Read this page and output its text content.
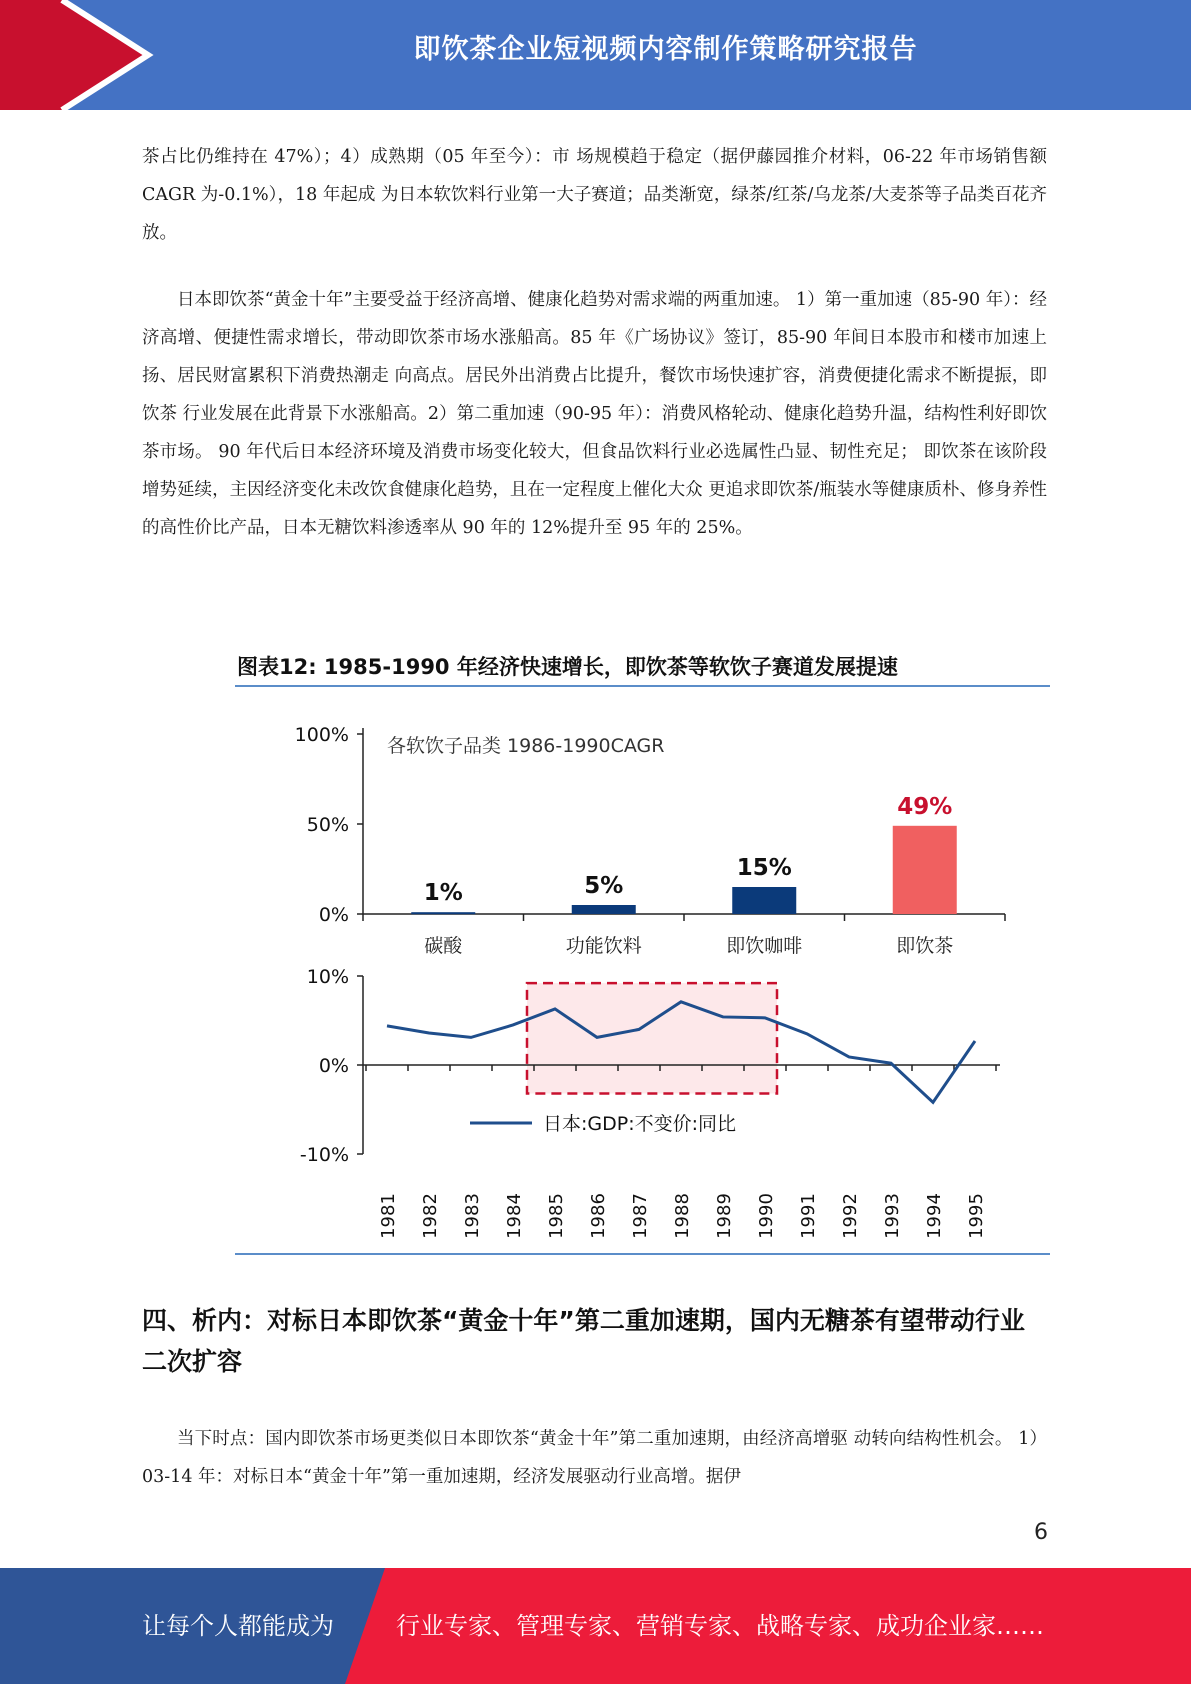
即饮茶企业短视频内容制作策略研究报告

茶占比仍维持在 47%）；4）成熟期（05 年至今）：市 场规模趋于稳定（据伊藤园推介材料，06-22 年市场销售额 CAGR 为-0.1%），18 年起成 为日本软饮料行业第一大子赛道；品类渐宽，绿茶/红茶/乌龙茶/大麦茶等子品类百花齐放。

日本即饮茶“黄金十年”主要受益于经济高增、健康化趋势对需求端的两重加速。 1）第一重加速（85-90 年）：经济高增、便捷性需求增长，带动即饮茶市场水涨船高。85 年《广场协议》签订，85-90 年间日本股市和楼市加速上扬、居民财富累积下消费热潮走 向高点。居民外出消费占比提升，餐饮市场快速扩容，消费便捷化需求不断提振，即饮茶 行业发展在此背景下水涨船高。2）第二重加速（90-95 年）：消费风格轮动、健康化趋势升温，结构性利好即饮茶市场。 90 年代后日本经济环境及消费市场变化较大，但食品饮料行业必选属性凸显、韧性充足； 即饮茶在该阶段增势延续，主因经济变化未改饮食健康化趋势，且在一定程度上催化大众 更追求即饮茶/瓶装水等健康质朴、修身养性的高性价比产品，日本无糖饮料渗透率从 90 年的 12%提升至 95 年的 25%。

图表12: 1985-1990 年经济快速增长，即饮茶等软饮子赛道发展提速
0%
50%
100% 各软饮子品类 1986-1990CAGR
1%
碳酸
5%
功能饮料
15%
即饮咖啡
49%
即饮茶
-10%
0%
10%
1981 1982 1983 1984 1985 1986 1987 1988 1989 1990 1991 1992 1993 1994 1995
日本:GDP:不变价:同比
四、析内：对标日本即饮茶“黄金十年”第二重加速期，国内无糖茶有望带动行业二次扩容

当下时点：国内即饮茶市场更类似日本即饮茶“黄金十年”第二重加速期，由经济高增驱 动转向结构性机会。 1）03-14 年：对标日本“黄金十年”第一重加速期，经济发展驱动行业高增。据伊

6
让每个人都能成为	行业专家、管理专家、营销专家、战略专家、成功企业家……
